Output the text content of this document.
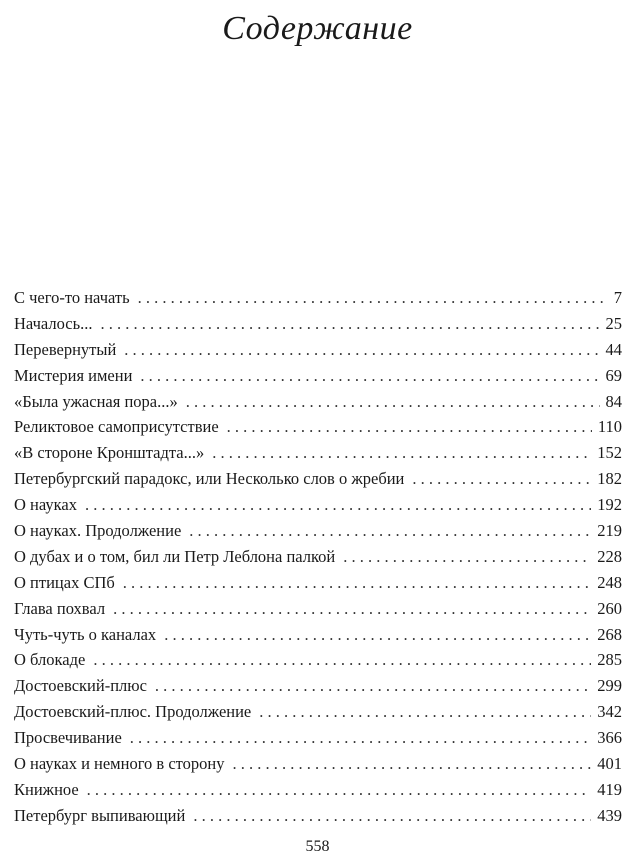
Содержание
С чего-то начать . . .	7
Началось... . . .	25
Перевернутый . . .	44
Мистерия имени . . .	69
«Была ужасная пора...» . . .	84
Реликтовое самоприсутствие . . .	110
«В стороне Кронштадта...» . . .	152
Петербургский парадокс, или Несколько слов о жребии . . .	182
О науках . . .	192
О науках. Продолжение . . .	219
О дубах и о том, бил ли Петр Леблона палкой . . .	228
О птицах СПб . . .	248
Глава похвал . . .	260
Чуть-чуть о каналах . . .	268
О блокаде . . .	285
Достоевский-плюс . . .	299
Достоевский-плюс. Продолжение . . .	342
Просвечивание . . .	366
О науках и немного в сторону . . .	401
Книжное . . .	419
Петербург выпивающий . . .	439
558
